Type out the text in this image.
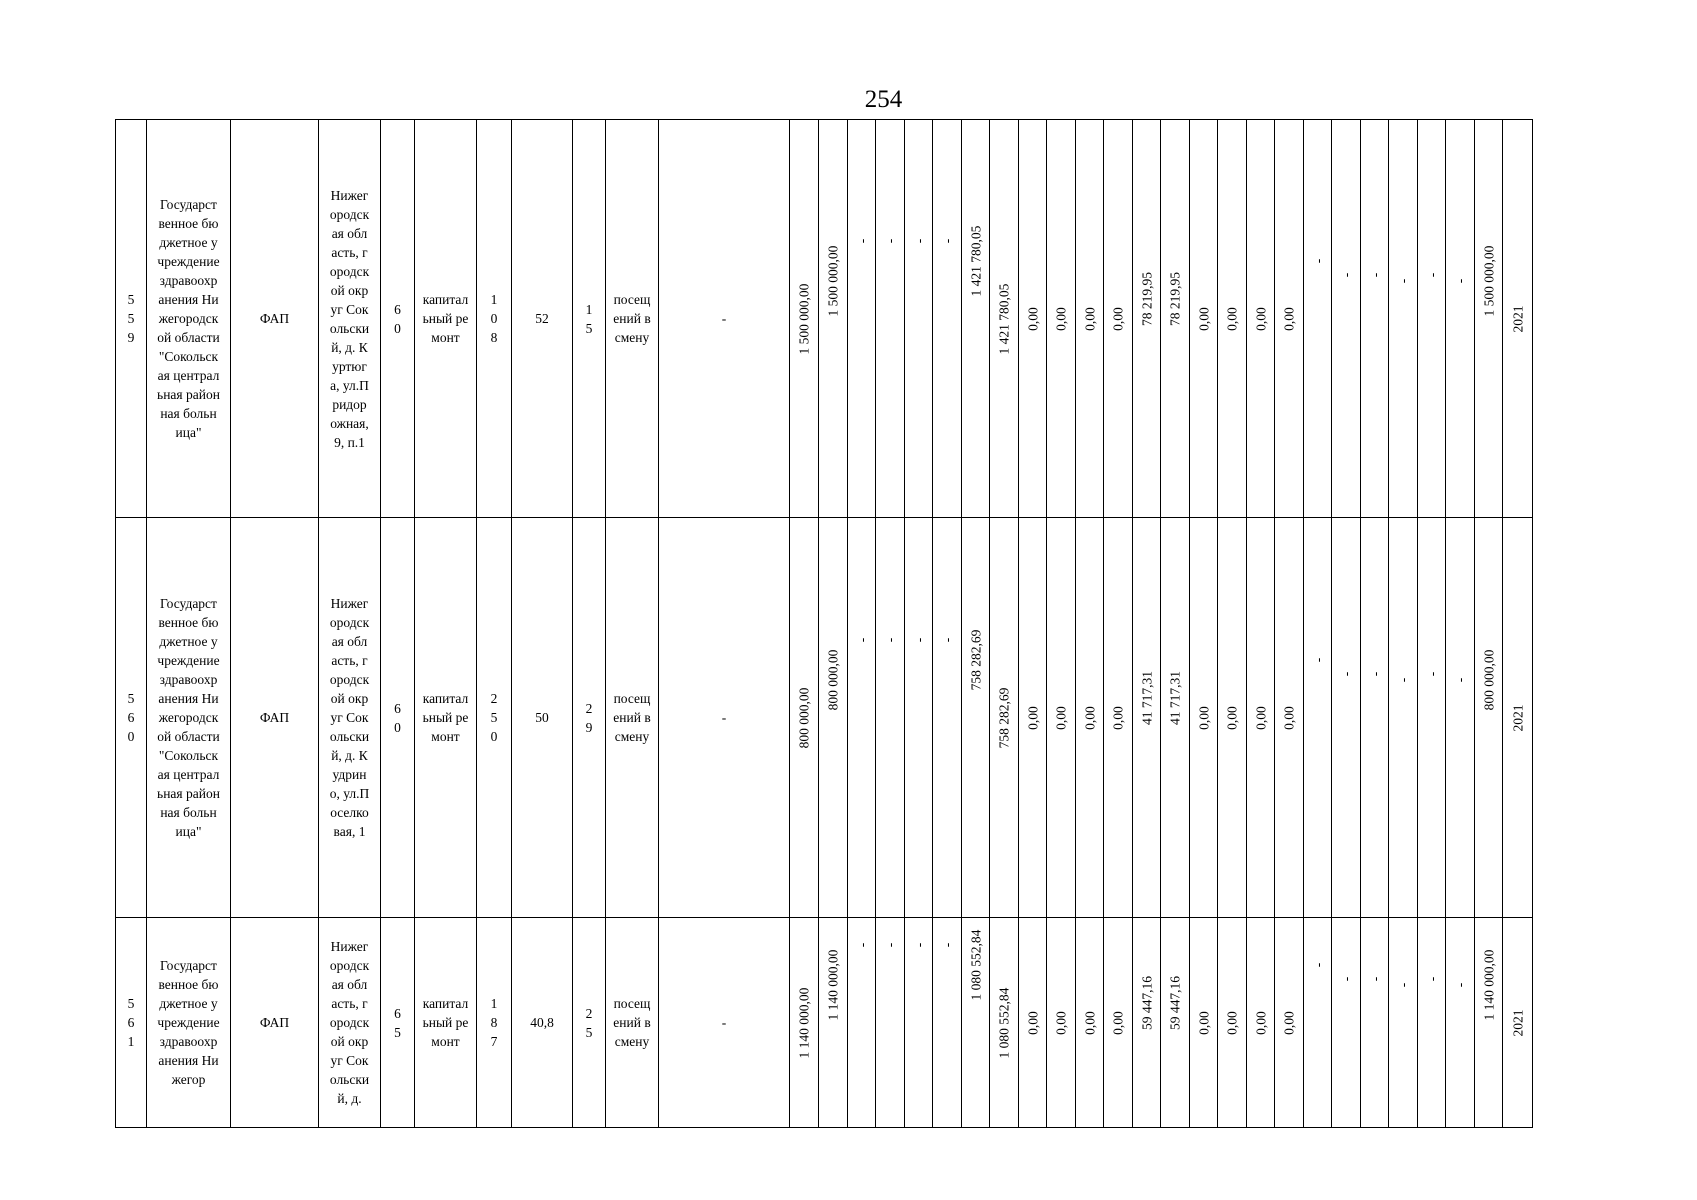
254
559	Государственное бюджетное учреждение здравоохранения Нижегородской области "Сокольская центральная районная больница"	ФАП	Нижегородская область, городской округ Сокольский, д. Куртюга, ул.Придорожная, 9, п.1	60	капитальный ремонт	108	52	15	посещений в смену	-	1 500 000,00	1 500 000,00	-	-	-	-	1 421 780,05	1 421 780,05	0,00	0,00	0,00	0,00	78 219,95	78 219,95	0,00	0,00	0,00	0,00	-	-	-	-	-	-	1 500 000,00	2021

560	Государственное бюджетное учреждение здравоохранения Нижегородской области "Сокольская центральная районная больница"	ФАП	Нижегородская область, городской округ Сокольский, д. Кудрино, ул.Поселковая, 1	60	капитальный ремонт	250	50	29	посещений в смену	-	800 000,00	800 000,00	-	-	-	-	758 282,69	758 282,69	0,00	0,00	0,00	0,00	41 717,31	41 717,31	0,00	0,00	0,00	0,00	-	-	-	-	-	-	800 000,00	2021

561	Государственное бюджетное учреждение здравоохранения Нижегор	ФАП	Нижегородская область, городской округ Сокольский, д.	65	капитальный ремонт	187	40,8	25	посещений в смену	-	1 140 000,00	1 140 000,00	-	-	-	-	1 080 552,84	1 080 552,84	0,00	0,00	0,00	0,00	59 447,16	59 447,16	0,00	0,00	0,00	0,00	-	-	-	-	-	-	1 140 000,00	2021
